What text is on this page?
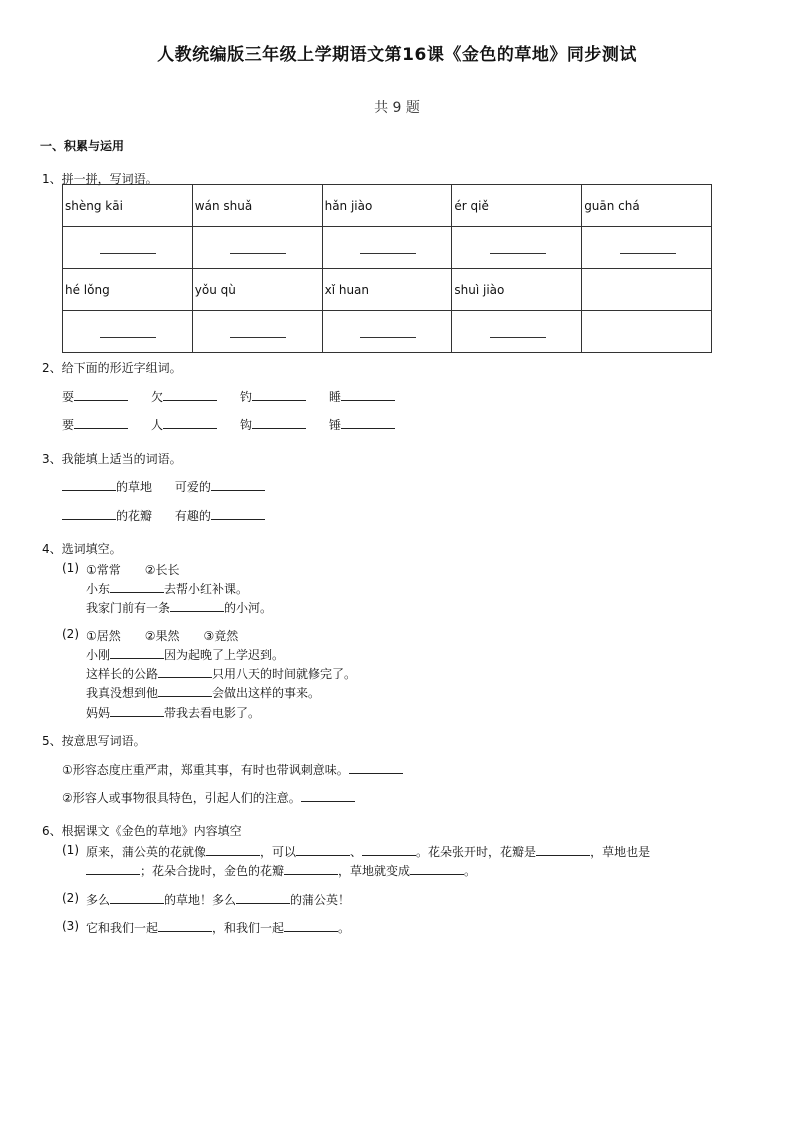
人教统编版三年级上学期语文第16课《金色的草地》同步测试
共 9 题
一、积累与运用
1、拼一拼，写词语。
shèng kāi	wán shuǎ	hǎn jiào	ér qiě	guān chá

hé lǒng	yǒu qù	xǐ huan	shuì jiào	

2、给下面的形近字组词。
耍	欠	钓	睡
要	人	钩	锤
3、我能填上适当的词语。
的草地 可爱的
的花瓣 有趣的
4、选词填空。
(1) ①常常　　②长长
小东	去帮小红补课。
我家门前有一条	的小河。
(2) ①居然　　②果然　　③竟然
小刚	因为起晚了上学迟到。
这样长的公路	只用八天的时间就修完了。
我真没想到他	会做出这样的事来。
妈妈	带我去看电影了。
5、按意思写词语。
①形容态度庄重严肃，郑重其事，有时也带讽刺意味。
②形容人或事物很具特色，引起人们的注意。
6、根据课文《金色的草地》内容填空
(1) 原来，蒲公英的花就像	，可以	、	。花朵张开时，花瓣是	，草地也是
；花朵合拢时，金色的花瓣	，草地就变成	。
(2) 多么	的草地！多么	的蒲公英！
(3) 它和我们一起	，和我们一起	。
